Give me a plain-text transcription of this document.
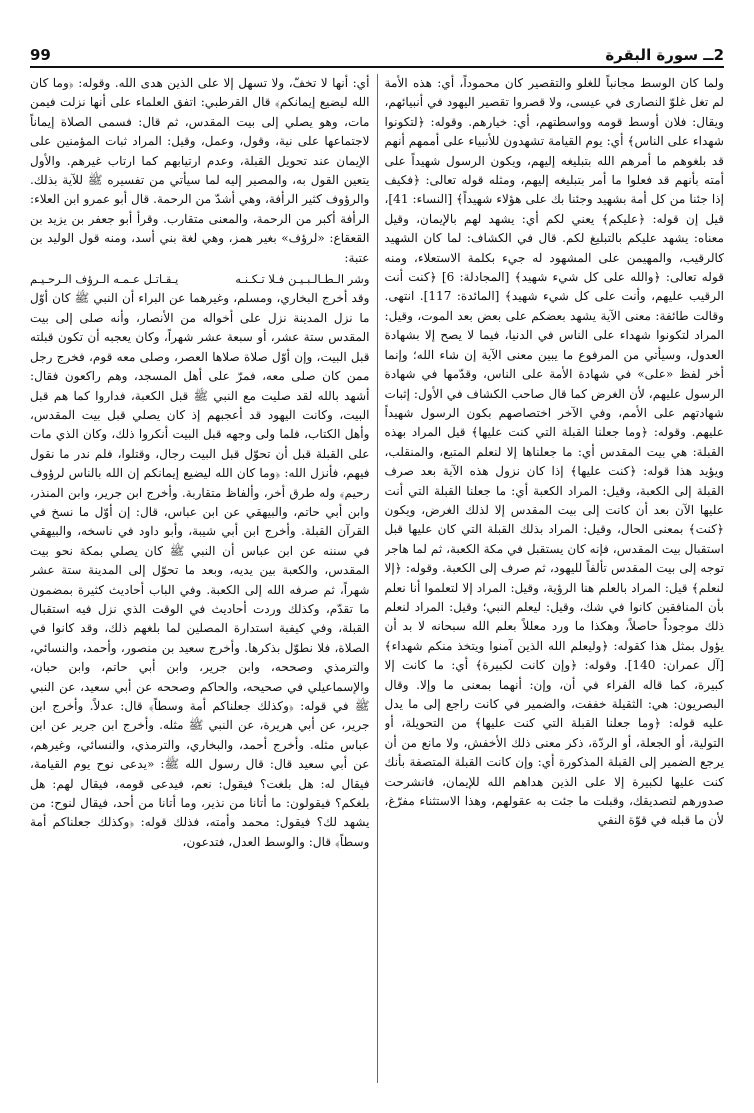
99	2ــ سورة البقرة

ولما كان الوسط مجانباً للغلو والتقصير كان محموداً، أي: هذه الأمة لم تغل غلوّ النصارى في عيسى، ولا قصروا تقصير اليهود في أنبيائهم، ويقال: فلان أوسط قومه وواسطتهم، أي: خيارهم. وقوله: ﴿لتكونوا شهداء على الناس﴾ أي: يوم القيامة تشهدون للأنبياء على أممهم أنهم قد بلغوهم ما أمرهم الله بتبليغه إليهم، ويكون الرسول شهيداً على أمته بأنهم قد فعلوا ما أمر بتبليغه إليهم، ومثله قوله تعالى: ﴿فكيف إذا جئنا من كل أمة بشهيد وجئنا بك على هؤلاء شهيداً﴾ [النساء: 41]، قيل إن قوله: ﴿عليكم﴾ يعني لكم أي: يشهد لهم بالإيمان، وقيل معناه: يشهد عليكم بالتبليغ لكم. قال في الكشاف: لما كان الشهيد كالرقيب، والمهيمن على المشهود له جيء بكلمة الاستعلاء، ومنه قوله تعالى: ﴿والله على كل شيء شهيد﴾ [المجادلة: 6] ﴿كنت أنت الرقيب عليهم، وأنت على كل شيء شهيد﴾ [المائدة: 117]. انتهى. وقالت طائفة: معنى الآية يشهد بعضكم على بعض بعد الموت، وقيل: المراد لتكونوا شهداء على الناس في الدنيا، فيما لا يصح إلا بشهادة العدول، وسيأتي من المرفوع ما يبين معنى الآية إن شاء الله؛ وإنما أخر لفظ «على» في شهادة الأمة على الناس، وقدّمها في شهادة الرسول عليهم، لأن الغرض كما قال صاحب الكشاف في الأول: إثبات شهادتهم على الأمم، وفي الآخر اختصاصهم بكون الرسول شهيداً عليهم. وقوله: ﴿وما جعلنا القبلة التي كنت عليها﴾ قيل المراد بهذه القبلة: هي بيت المقدس أي: ما جعلناها إلا لنعلم المتبع، والمنقلب، ويؤيد هذا قوله: ﴿كنت عليها﴾ إذا كان نزول هذه الآية بعد صرف القبلة إلى الكعبة، وقيل: المراد الكعبة أي: ما جعلنا القبلة التي أنت عليها الآن بعد أن كانت إلى بيت المقدس إلا لذلك الغرض، ويكون ﴿كنت﴾ بمعنى الحال، وقيل: المراد بذلك القبلة التي كان عليها قبل استقبال بيت المقدس، فإنه كان يستقبل في مكة الكعبة، ثم لما هاجر توجه إلى بيت المقدس تألفاً لليهود، ثم صرف إلى الكعبة. وقوله: ﴿إلا لنعلم﴾ قيل: المراد بالعلم هنا الرؤية، وقيل: المراد إلا لتعلموا أنا نعلم بأن المنافقين كانوا في شك، وقيل: ليعلم النبي؛ وقيل: المراد لنعلم ذلك موجوداً حاصلاً، وهكذا ما ورد معللاً بعلم الله سبحانه لا بد أن يؤول بمثل هذا كقوله: ﴿وليعلم الله الذين آمنوا ويتخذ منكم شهداء﴾ [آل عمران: 140]. وقوله: ﴿وإن كانت لكبيرة﴾ أي: ما كانت إلا كبيرة، كما قاله الفراء في أن، وإن: أنهما بمعنى ما وإلا. وقال البصريون: هي: الثقيلة خففت، والضمير في كانت راجع إلى ما يدل عليه قوله: ﴿وما جعلنا القبلة التي كنت عليها﴾ من التحويلة، أو التولية، أو الجعلة، أو الردّة، ذكر معنى ذلك الأخفش، ولا مانع من أن يرجع الضمير إلى القبلة المذكورة أي: وإن كانت القبلة المتصفة بأنك كنت عليها لكبيرة إلا على الذين هداهم الله للإيمان، فانشرحت صدورهم لتصديقك، وقبلت ما جئت به عقولهم، وهذا الاستثناء مفرّغ، لأن ما قبله في قوّة النفي

أي: أنها لا تخفّ، ولا تسهل إلا على الذين هدى الله. وقوله: ﴿وما كان الله ليضيع إيمانكم﴾ قال القرطبي: اتفق العلماء على أنها نزلت فيمن مات، وهو يصلي إلى بيت المقدس، ثم قال: فسمى الصلاة إيماناً لاجتماعها على نية، وقول، وعمل، وقيل: المراد ثبات المؤمنين على الإيمان عند تحويل القبلة، وعدم ارتيابهم كما ارتاب غيرهم. والأول يتعين القول به، والمصير إليه لما سيأتي من تفسيره ﷺ للآية بذلك. والرؤوف كثير الرأفة، وهي أشدّ من الرحمة. قال أبو عمرو ابن العلاء: الرأفة أكبر من الرحمة، والمعنى متقارب. وقرأ أبو جعفر بن يزيد بن القعقاع: «لرؤف» بغير همز، وهي لغة بني أسد، ومنه قول الوليد بن عتبة:

وشر الـطـالـبـيـن فـلا تـكـنـه
يـقـاتـل عـمـه الـرؤف الـرحـيـم

وقد أخرج البخاري، ومسلم، وغيرهما عن البراء أن النبي ﷺ كان أوّل ما نزل المدينة نزل على أخواله من الأنصار، وأنه صلى إلى بيت المقدس ستة عشر، أو سبعة عشر شهراً، وكان يعجبه أن تكون قبلته قبل البيت، وإن أوّل صلاة صلاها العصر، وصلى معه قوم، فخرج رجل ممن كان صلى معه، فمرّ على أهل المسجد، وهم راكعون فقال: أشهد بالله لقد صليت مع النبي ﷺ قبل الكعبة، فداروا كما هم قبل البيت، وكانت اليهود قد أعجبهم إذ كان يصلي قبل بيت المقدس، وأهل الكتاب، فلما ولى وجهه قبل البيت أنكروا ذلك، وكان الذي مات على القبلة قبل أن تحوّل قبل البيت رجال، وقتلوا، فلم ندر ما نقول فيهم، فأنزل الله: ﴿وما كان الله ليضيع إيمانكم إن الله بالناس لرؤوف رحيم﴾ وله طرق أخر، وألفاظ متقاربة. وأخرج ابن جرير، وابن المنذر، وابن أبي حاتم، والبيهقي عن ابن عباس، قال: إن أوّل ما نسخ في القرآن القبلة. وأخرج ابن أبي شيبة، وأبو داود في ناسخه، والبيهقي في سننه عن ابن عباس أن النبي ﷺ كان يصلي بمكة نحو بيت المقدس، والكعبة بين يديه، وبعد ما تحوّل إلى المدينة ستة عشر شهراً، ثم صرفه الله إلى الكعبة. وفي الباب أحاديث كثيرة بمضمون ما تقدّم، وكذلك وردت أحاديث في الوقت الذي نزل فيه استقبال القبلة، وفي كيفية استدارة المصلين لما بلغهم ذلك، وقد كانوا في الصلاة، فلا نطوّل بذكرها. وأخرج سعيد بن منصور، وأحمد، والنسائي، والترمذي وصححه، وابن جرير، وابن أبي حاتم، وابن حبان، والإسماعيلي في صحيحه، والحاكم وصححه عن أبي سعيد، عن النبي ﷺ في قوله: ﴿وكذلك جعلناكم أمة وسطاً﴾ قال: عدلاً. وأخرج ابن جرير، عن أبي هريرة، عن النبي ﷺ مثله. وأخرج ابن جرير عن ابن عباس مثله. وأخرج أحمد، والبخاري، والترمذي، والنسائي، وغيرهم، عن أبي سعيد قال: قال رسول الله ﷺ: «يدعى نوح يوم القيامة، فيقال له: هل بلغت؟ فيقول: نعم، فيدعى قومه، فيقال لهم: هل بلغكم؟ فيقولون: ما أتانا من نذير، وما أتانا من أحد، فيقال لنوح: من يشهد لك؟ فيقول: محمد وأمته، فذلك قوله: ﴿وكذلك جعلناكم أمة وسطاً﴾ قال: والوسط العدل، فتدعون،
